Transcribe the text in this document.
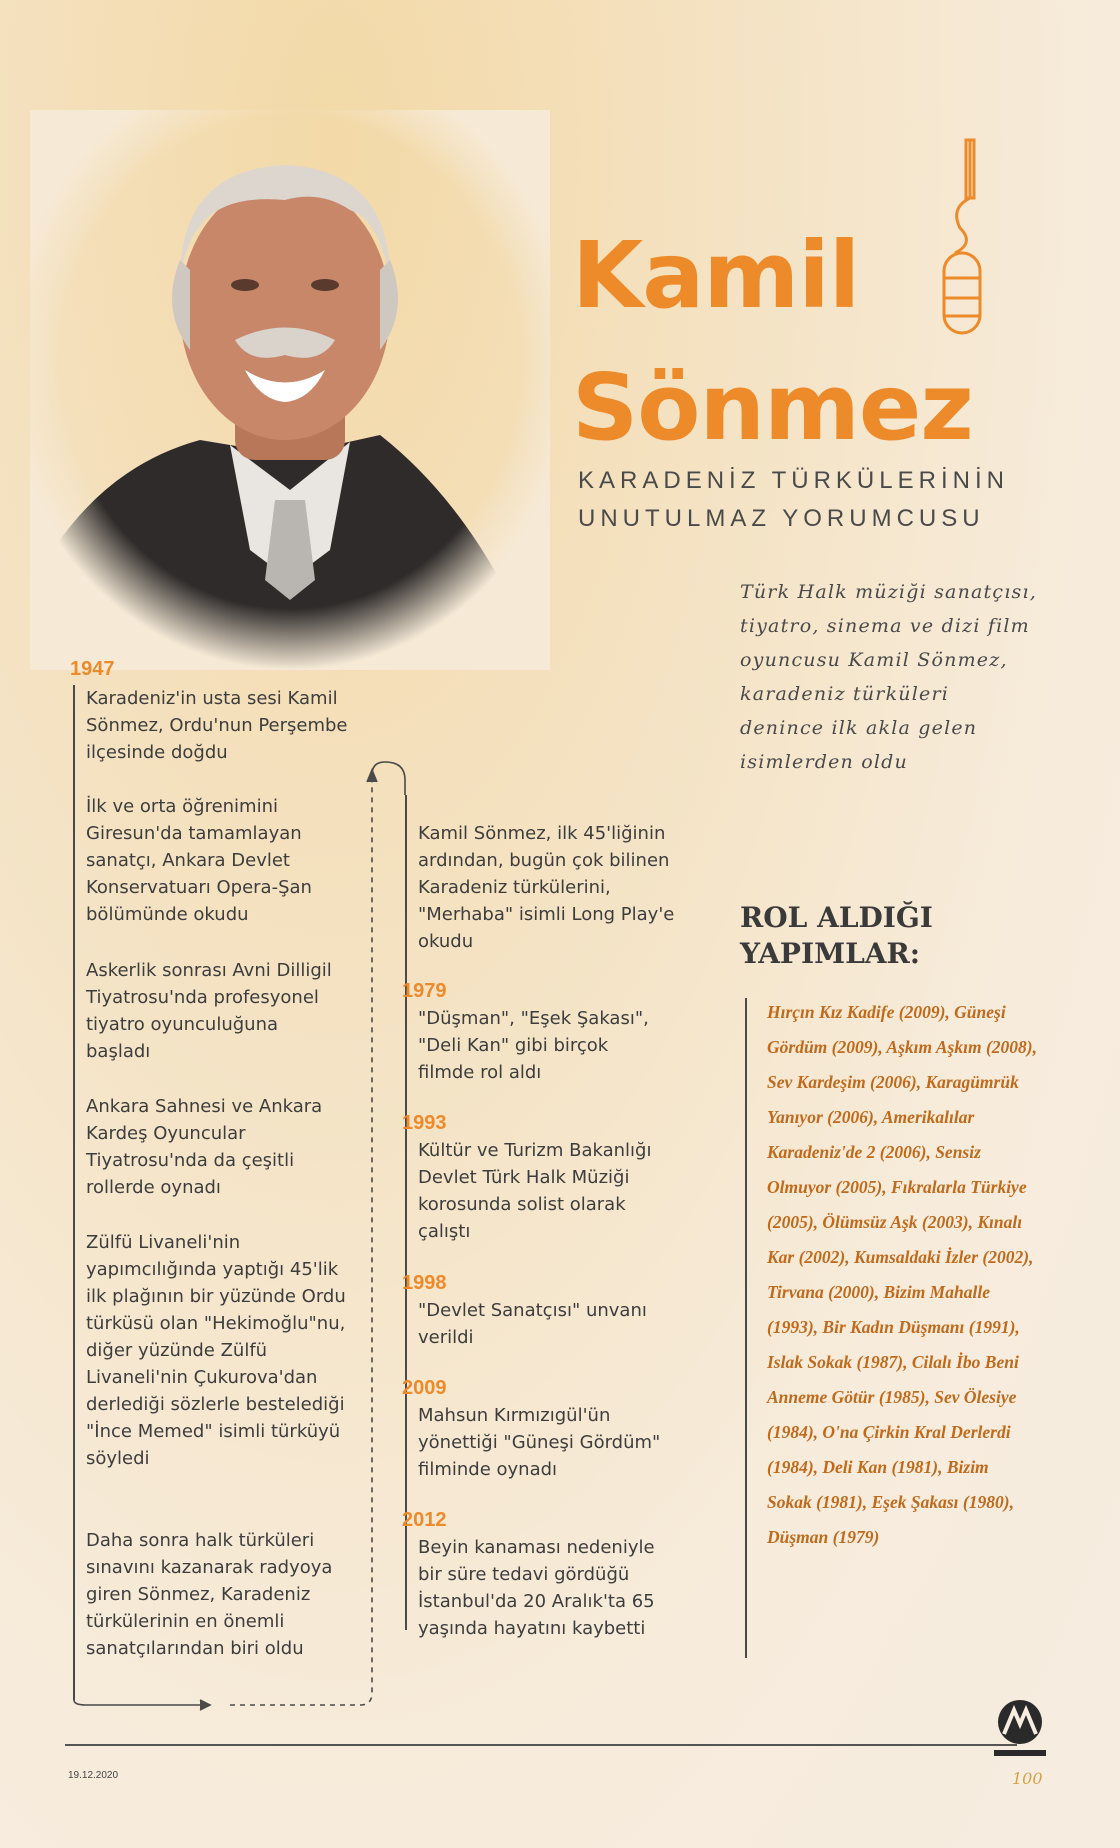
Kamil
Sönmez
KARADENİZ TÜRKÜLERİNİN
UNUTULMAZ YORUMCUSU
Türk Halk müziği sanatçısı, tiyatro, sinema ve dizi film oyuncusu Kamil Sönmez, karadeniz türküleri denince ilk akla gelen isimlerden oldu
1947
Karadeniz'in usta sesi Kamil Sönmez, Ordu'nun Perşembe ilçesinde doğdu
İlk ve orta öğrenimini Giresun'da tamamlayan sanatçı, Ankara Devlet Konservatuarı Opera-Şan bölümünde okudu
Askerlik sonrası Avni Dilligil Tiyatrosu'nda profesyonel tiyatro oyunculuğuna başladı
Ankara Sahnesi ve Ankara Kardeş Oyuncular Tiyatrosu'nda da çeşitli rollerde oynadı
Zülfü Livaneli'nin yapımcılığında yaptığı 45'lik ilk plağının bir yüzünde Ordu türküsü olan "Hekimoğlu"nu, diğer yüzünde Zülfü Livaneli'nin Çukurova'dan derlediği sözlerle bestelediği "İnce Memed" isimli türküyü söyledi
Daha sonra halk türküleri sınavını kazanarak radyoya giren Sönmez, Karadeniz türkülerinin en önemli sanatçılarından biri oldu
Kamil Sönmez, ilk 45'liğinin ardından, bugün çok bilinen Karadeniz türkülerini, "Merhaba" isimli Long Play'e okudu
1979
"Düşman", "Eşek Şakası", "Deli Kan" gibi birçok filmde rol aldı
1993
Kültür ve Turizm Bakanlığı Devlet Türk Halk Müziği korosunda solist olarak çalıştı
1998
"Devlet Sanatçısı" unvanı verildi
2009
Mahsun Kırmızıgül'ün yönettiği "Güneşi Gördüm" filminde oynadı
2012
Beyin kanaması nedeniyle bir süre tedavi gördüğü İstanbul'da 20 Aralık'ta 65 yaşında hayatını kaybetti
ROL ALDIĞI
YAPIMLAR:
Hırçın Kız Kadife (2009), Güneşi Gördüm (2009), Aşkım Aşkım (2008), Sev Kardeşim (2006), Karagümrük Yanıyor (2006), Amerikalılar Karadeniz'de 2 (2006), Sensiz Olmuyor (2005), Fıkralarla Türkiye (2005), Ölümsüz Aşk (2003), Kınalı Kar (2002), Kumsaldaki İzler (2002), Tirvana (2000), Bizim Mahalle (1993), Bir Kadın Düşmanı (1991), Islak Sokak (1987), Cilalı İbo Beni Anneme Götür (1985), Sev Ölesiye (1984), O'na Çirkin Kral Derlerdi (1984), Deli Kan (1981), Bizim Sokak (1981), Eşek Şakası (1980), Düşman (1979)
19.12.2020	100
